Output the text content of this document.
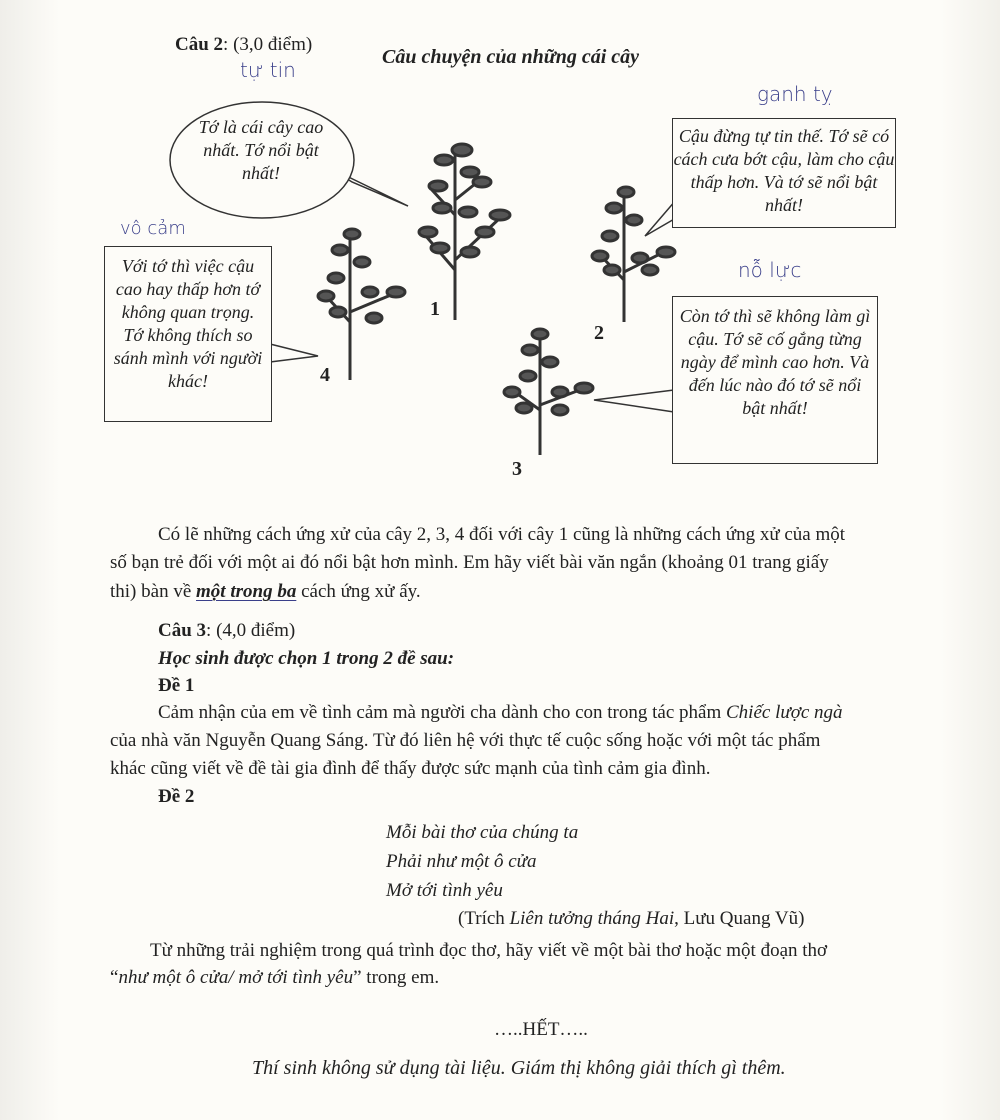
Câu 2: (3,0 điểm)
Câu chuyện của những cái cây
tự tin
ganh tỵ
vô cảm
nỗ lực
Tớ là cái cây cao nhất. Tớ nổi bật nhất!
Cậu đừng tự tin thế. Tớ sẽ có cách cưa bớt cậu, làm cho cậu thấp hơn. Và tớ sẽ nổi bật nhất!
Còn tớ thì sẽ không làm gì cậu. Tớ sẽ cố gắng từng ngày để mình cao hơn. Và đến lúc nào đó tớ sẽ nổi bật nhất!
Với tớ thì việc cậu cao hay thấp hơn tớ không quan trọng. Tớ không thích so sánh mình với người khác!
1
2
3
4
Có lẽ những cách ứng xử của cây 2, 3, 4 đối với cây 1 cũng là những cách ứng xử của một
số bạn trẻ đối với một ai đó nổi bật hơn mình. Em hãy viết bài văn ngắn (khoảng 01 trang giấy
thi) bàn về một trong ba cách ứng xử ấy.
Câu 3: (4,0 điểm)
Học sinh được chọn 1 trong 2 đề sau:
Đề 1
Cảm nhận của em về tình cảm mà người cha dành cho con trong tác phẩm Chiếc lược ngà
của nhà văn Nguyễn Quang Sáng. Từ đó liên hệ với thực tế cuộc sống hoặc với một tác phẩm
khác cũng viết về đề tài gia đình để thấy được sức mạnh của tình cảm gia đình.
Đề 2
Mỗi bài thơ của chúng ta
Phải như một ô cửa
Mở tới tình yêu
(Trích Liên tưởng tháng Hai, Lưu Quang Vũ)
Từ những trải nghiệm trong quá trình đọc thơ, hãy viết về một bài thơ hoặc một đoạn thơ
“như một ô cửa/ mở tới tình yêu” trong em.
…..HẾT…..
Thí sinh không sử dụng tài liệu. Giám thị không giải thích gì thêm.
